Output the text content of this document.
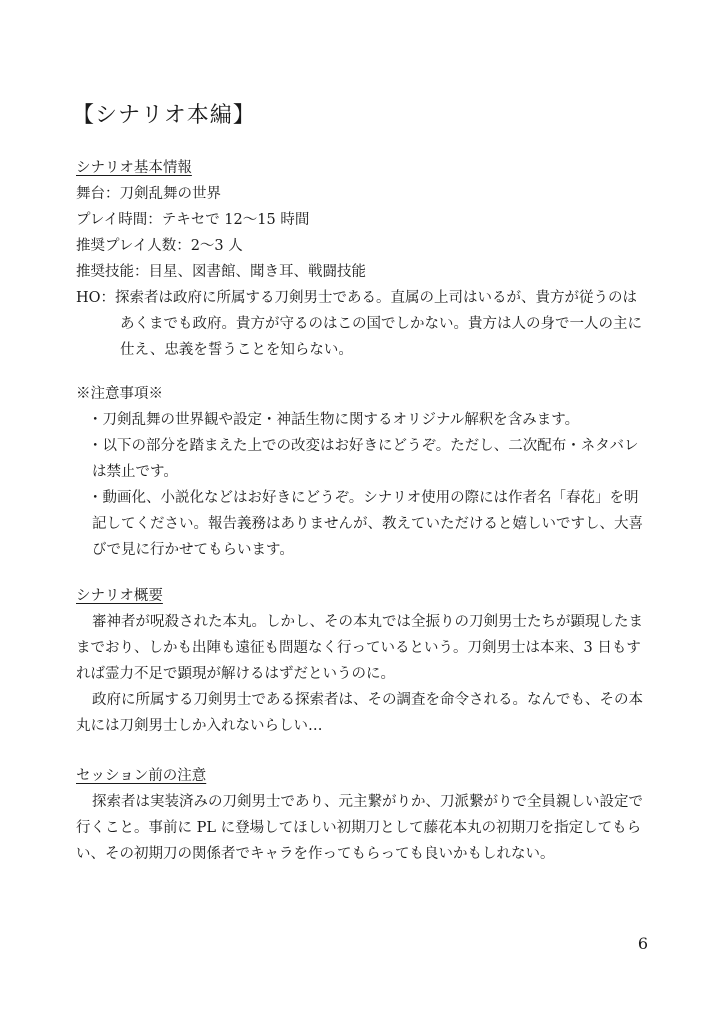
【シナリオ本編】
シナリオ基本情報
舞台：刀剣乱舞の世界
プレイ時間：テキセで 12〜15 時間
推奨プレイ人数：2〜3 人
推奨技能：目星、図書館、聞き耳、戦闘技能
HO：探索者は政府に所属する刀剣男士である。直属の上司はいるが、貴方が従うのは
あくまでも政府。貴方が守るのはこの国でしかない。貴方は人の身で一人の主に
仕え、忠義を誓うことを知らない。
※注意事項※
・刀剣乱舞の世界観や設定・神話生物に関するオリジナル解釈を含みます。
・以下の部分を踏まえた上での改変はお好きにどうぞ。ただし、二次配布・ネタバレ
は禁止です。
・動画化、小説化などはお好きにどうぞ。シナリオ使用の際には作者名「春花」を明
記してください。報告義務はありませんが、教えていただけると嬉しいですし、大喜
びで見に行かせてもらいます。
シナリオ概要
審神者が呪殺された本丸。しかし、その本丸では全振りの刀剣男士たちが顕現したま
までおり、しかも出陣も遠征も問題なく行っているという。刀剣男士は本来、3 日もす
れば霊力不足で顕現が解けるはずだというのに。
政府に所属する刀剣男士である探索者は、その調査を命令される。なんでも、その本
丸には刀剣男士しか入れないらしい…
セッション前の注意
探索者は実装済みの刀剣男士であり、元主繋がりか、刀派繋がりで全員親しい設定で
行くこと。事前に PL に登場してほしい初期刀として藤花本丸の初期刀を指定してもら
い、その初期刀の関係者でキャラを作ってもらっても良いかもしれない。
6
